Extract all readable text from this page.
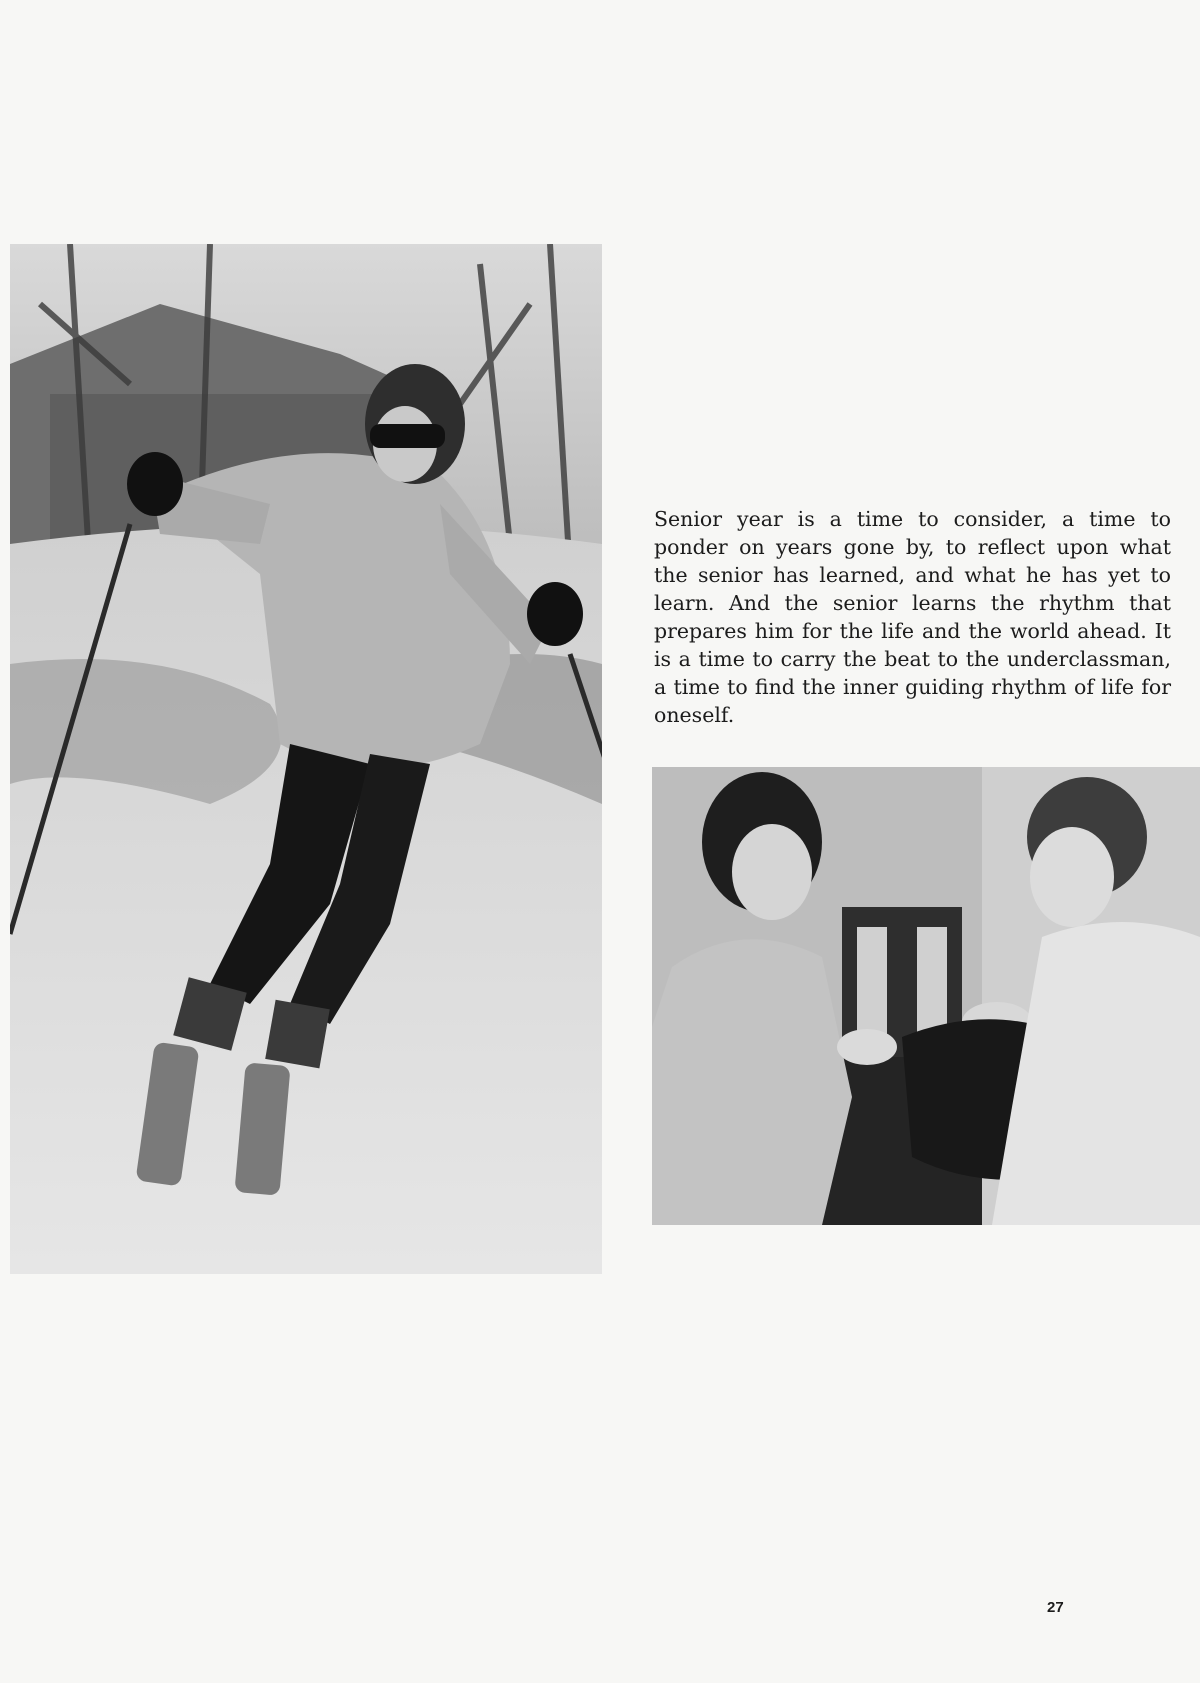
Senior year is a time to consider, a time to ponder on years gone by, to reflect upon what the senior has learned, and what he has yet to learn. And the senior learns the rhythm that prepares him for the life and the world ahead. It is a time to carry the beat to the underclassman, a time to find the inner guiding rhythm of life for oneself.

27
